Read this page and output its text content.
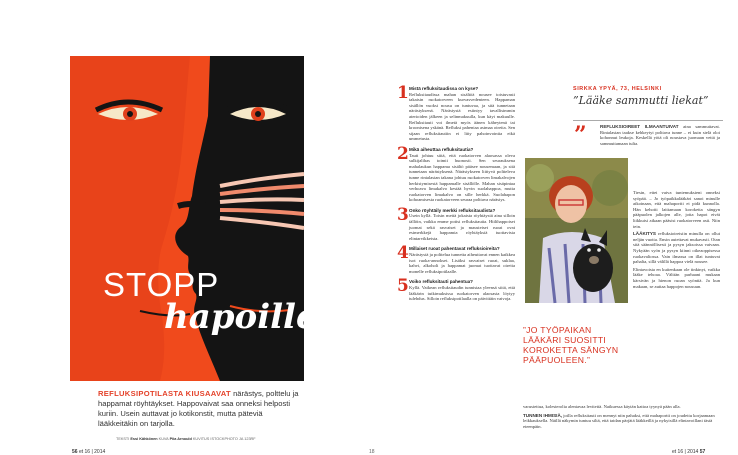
STOPP
hapoille
REFLUKSIPOTILASTA KIUSAAVAT närästys, polttelu ja happamat röyhtäykset. Happovaivat saa onneksi helposti kuriin. Usein auttavat jo kotikonstit, mutta päteviä lääkkeitäkin on tarjolla.
TEKSTI Essi Kähkönen KUVA Piia Arnould KUVITUS ISTOCKPHOTO JA 123RF
56 et 16 | 2014
1 Mistä refluksitaudissa on kyse?
Refluksitaudissa mahan sisältöä nousee toistuvasti takaisin ruokatorveen kurvasvedenteen. Happaman sisällön vuoksi nousu on tuntuvaa, ja sitä tunnetaan närästyksenä. Närästystä esiintyy tavallisimmin aterioiden jälkeen ja selinmakuulla, kun käyt makuulle. Refluksitauti voi ilmetä myös äänen käheytenä tai kroonisena yskänä. Refluksi pahentaa astmaa oireita. Sen sijaan refluksitautiin ei liity pahoinvointia eikä ummetusta.
2 Mikä aiheuttaa refluksitautia?
Tauti johtuu siitä, että ruokatorven alaosassa oleva sulkijalihas toimii huonosti. Sen seurauksena mahalaukun happama sisältö pääsee nousemaan, ja sitä tunnetaan närästyksenä. Närästykseen liittyvä poltteleva tunne rintalastan takana johtuu ruokatorven limakalvojen herkistymisestä happamalle sisällölle. Mahan sisäpintaa verhoava limakalvo kestää hyvin suolahappoa, mutta ruokatorven limakalvo on sille herkkä. Suolahapon kohoamisesta ruokatorveen seuraa polttava närästys.
3 Onko röyhtäily merkki refluksitaudista?
Usein kyllä. Toisin mettä jokaista röyhtäystä aina silloin tällöin, vaikka emme potisi refluksitautia. Hiilihappoiset juomat sekä rasvaiset ja mausteiset ruoat ovat esimerkkejä happamia röyhtäyksiä tuottavista elintarvikkeista.
4 Millaiset ruoat pahentavat refluksioireita?
Närästystä ja polttelua tunnetta aiheuttavat ennen kaikkea isot ruoka-annokset. Lisäksi rasvaiset ruoat, suklaa, kahvi, alkoholi ja happamat juomat tuottavat oireita monelle refluksipotilaalle.
5 Voiko refluksitauti pahentua?
Kyllä. Vaikean refluksitaudin tunnistaa yleensä siitä, että lääkärin tutkimuksissa ruokatorven alaosasta löytyy tulehdus. Silloin refluksipotilaalla on päivittäin vaivoja.
18
SIRKKA YPYÄ, 73, HELSINKI
”Lääke sammutti liekat”
”	REFLUKSIOIREET ILMAANTUIVAT aina sammuttavat. Rintalastan taakse kehkeytyi polttava tunne – ei kuin sielä oloi kohonnut leukoja. Keskellä yötä oli noustava juomaan vettä ja sammuttamaan tulta.

Tiesin, ettei vaiva tuntemuksieni onneksi syöpää. – Jo työpaikkalääkäri sanoi minulle aikoinaan, että mahaportti ei pidä kunnolla. Hän kehotti laittamaan koroketta sängyn pääpuolen jalkojen alle, jotta hapot eivät liikkuisi aikaan pääsisi ruokatorveen asti. Niin tein.

LÄÄKITYS refluksioireisiin minulla on ollut neljän vuotta. Ensin autettavat mukavasti. Otan sitä säännöllisesti ja pysyn jaksoissa vaivaan. Nykyään syön ja pysyn kiinni oikeaoppisessa ruokavaliossa. Vain ilmassa on illat tuntuvat pahalta, sillä välillä happoa vielä nousee.

Elintavoista en kuitenkaan ole tinkinyt, vaikka lääke tehoaa. Välttän parhaani mukaan kärsivän ja hienon ruoan syöntiä. Ja kun makaan, se auttaa happojen nousuun.

”JO TYÖPAIKAN LÄÄKÄRI SUOSITTI KOROKETTA SÄNGYN PÄÄPUOLEEN.”

varustettua, kolesterolia alentavaa levitettä. Naikuessa käytän kattoa tyynyä pään alla.

TUNNEN IHMISIÄ, joilla refluksitauti on mennyt niin pahaksi, että mahaportti on joudettu korjaamaan leikkauksella. Näillä näkymin tuntuu siltä, että taidan pärjätä lääkkeillä ja nykyisillä elintavoillani tästä eteenpäin.

et 16 | 2014 57
